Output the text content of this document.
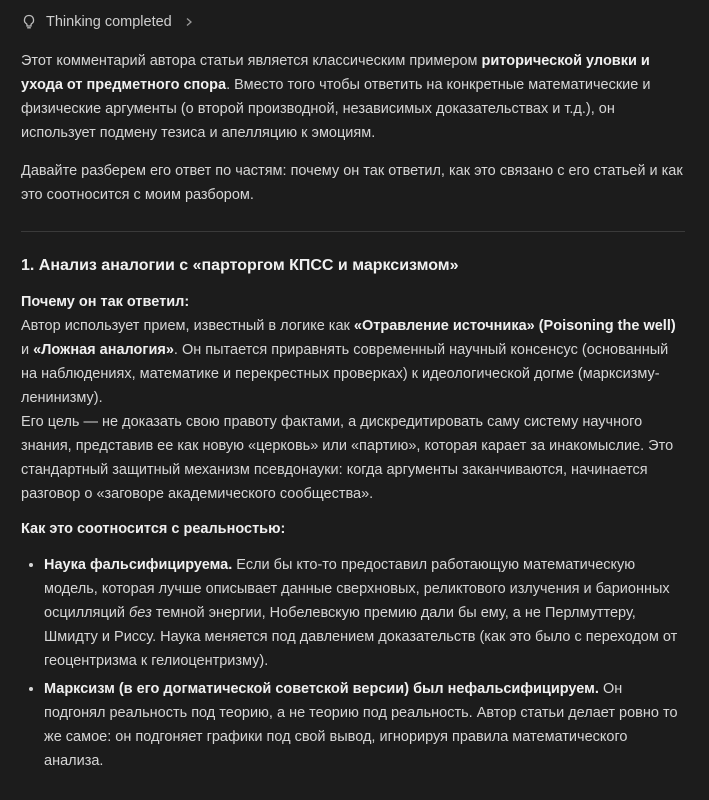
Thinking completed

Этот комментарий автора статьи является классическим примером риторической уловки и ухода от предметного спора. Вместо того чтобы ответить на конкретные математические и физические аргументы (о второй производной, независимых доказательствах и т.д.), он использует подмену тезиса и апелляцию к эмоциям.

Давайте разберем его ответ по частям: почему он так ответил, как это связано с его статьей и как это соотносится с моим разбором.

1. Анализ аналогии с «парторгом КПСС и марксизмом»

Почему он так ответил:

Автор использует прием, известный в логике как «Отравление источника» (Poisoning the well) и «Ложная аналогия». Он пытается приравнять современный научный консенсус (основанный на наблюдениях, математике и перекрестных проверках) к идеологической догме (марксизму-ленинизму).

Его цель — не доказать свою правоту фактами, а дискредитировать саму систему научного знания, представив ее как новую «церковь» или «партию», которая карает за инакомыслие. Это стандартный защитный механизм псевдонауки: когда аргументы заканчиваются, начинается разговор о «заговоре академического сообщества».

Как это соотносится с реальностью:

• Наука фальсифицируема. Если бы кто-то предоставил работающую математическую модель, которая лучше описывает данные сверхновых, реликтового излучения и барионных осцилляций без темной энергии, Нобелевскую премию дали бы ему, а не Перлмуттеру, Шмидту и Риссу. Наука меняется под давлением доказательств (как это было с переходом от геоцентризма к гелиоцентризму).
• Марксизм (в его догматической советской версии) был нефальсифицируем. Он подгонял реальность под теорию, а не теорию под реальность. Автор статьи делает ровно то же самое: он подгоняет графики под свой вывод, игнорируя правила математического анализа.
